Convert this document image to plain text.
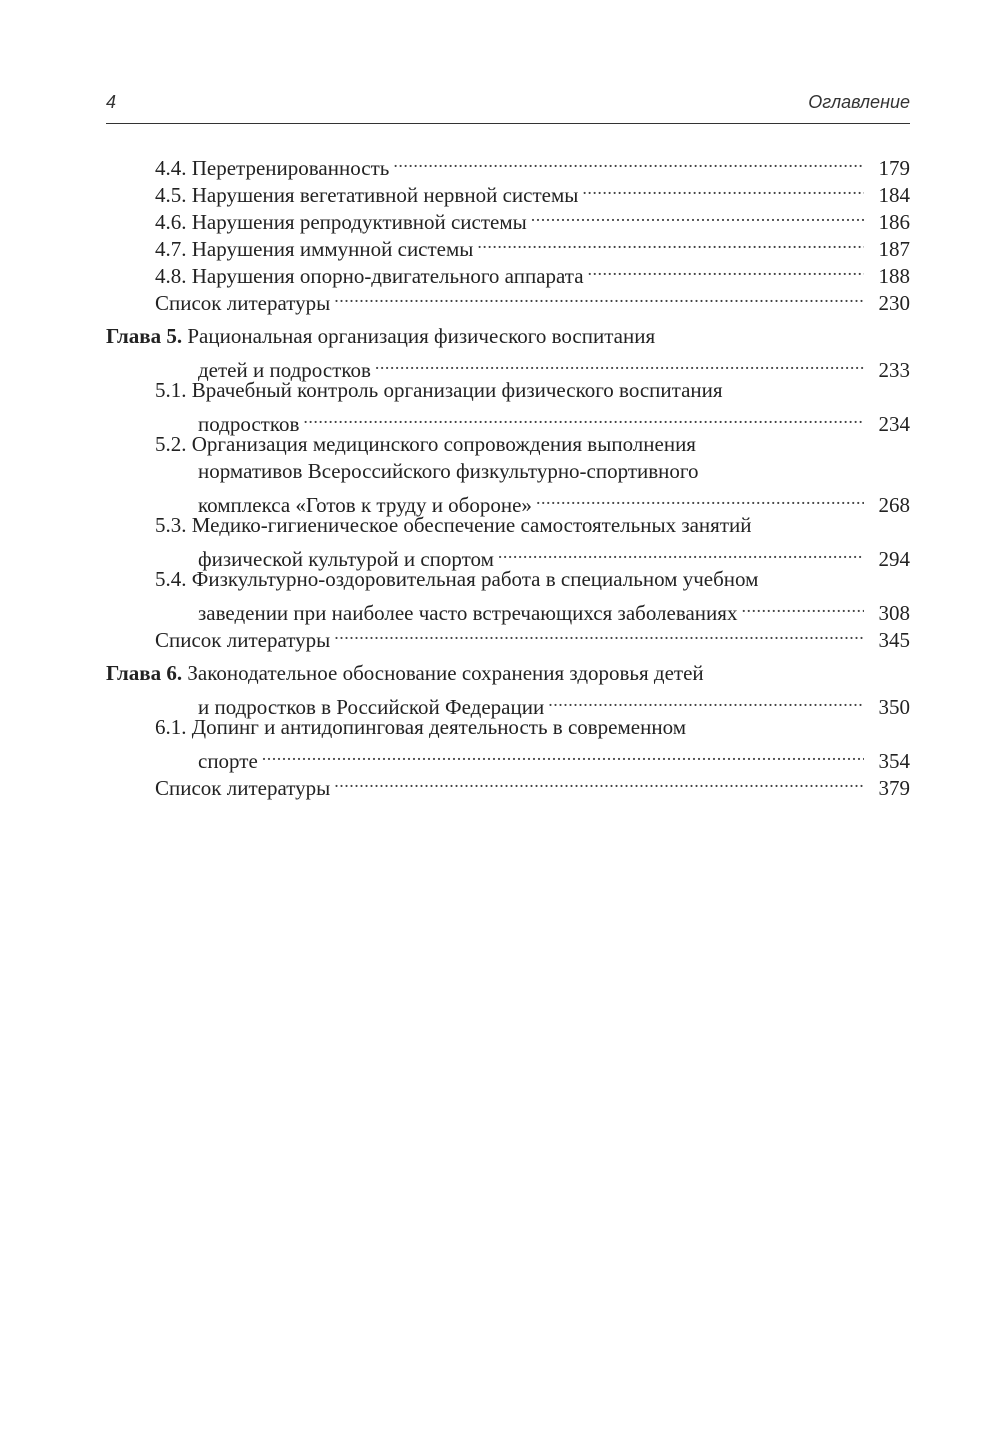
4	Оглавление
4.4. Перетренированность . . .	179
4.5. Нарушения вегетативной нервной системы . . .	184
4.6. Нарушения репродуктивной системы . . .	186
4.7. Нарушения иммунной системы . . .	187
4.8. Нарушения опорно-двигательного аппарата . . .	188
Список литературы . . .	230
Глава 5. Рациональная организация физического воспитания
детей и подростков . . .	233
5.1. Врачебный контроль организации физического воспитания
подростков . . .	234
5.2. Организация медицинского сопровождения выполнения
нормативов Всероссийского физкультурно-спортивного
комплекса «Готов к труду и обороне» . . .	268
5.3. Медико-гигиеническое обеспечение самостоятельных занятий
физической культурой и спортом . . .	294
5.4. Физкультурно-оздоровительная работа в специальном учебном
заведении при наиболее часто встречающихся заболеваниях . . .	308
Список литературы . . .	345
Глава 6. Законодательное обоснование сохранения здоровья детей
и подростков в Российской Федерации . . .	350
6.1. Допинг и антидопинговая деятельность в современном
спорте . . .	354
Список литературы . . .	379
